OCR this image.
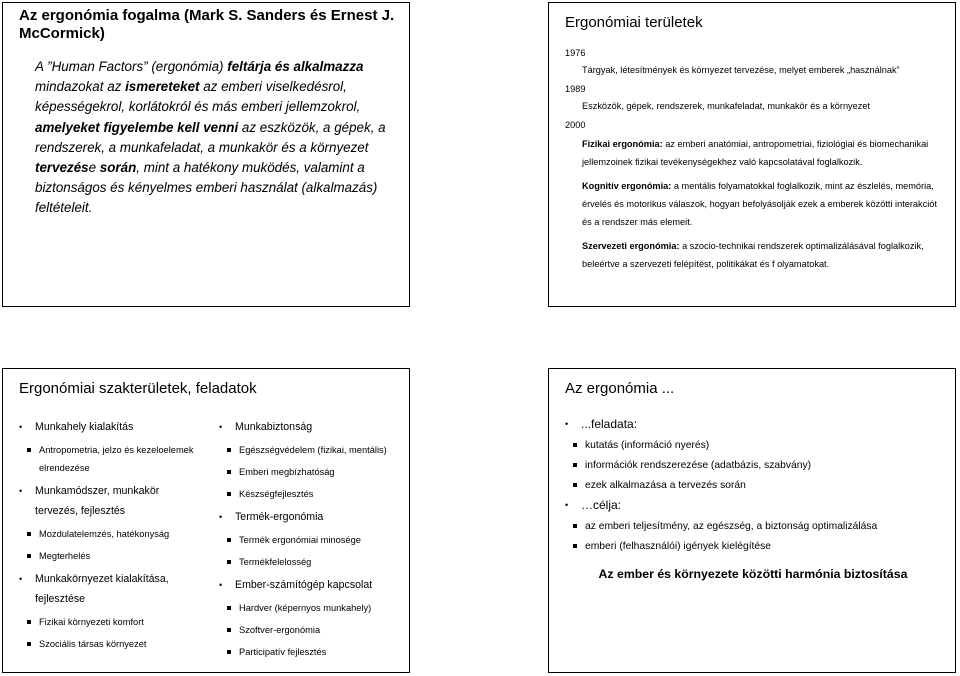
Az ergonómia fogalma (Mark S. Sanders és Ernest J. McCormick)
A ”Human Factors” (ergonómia) feltárja és alkalmazza mindazokat az ismereteket az emberi viselkedésrol, képességekrol, korlátokról és más emberi jellemzokrol, amelyeket figyelembe kell venni az eszközök, a gépek, a rendszerek, a munkafeladat, a munkakör és a környezet tervezése során, mint a hatékony muködés, valamint a biztonságos és kényelmes emberi használat (alkalmazás) feltételeit.
Ergonómiai területek
1976
Tárgyak, létesítmények és környezet tervezése, melyet emberek „használnak”
1989
Eszközök, gépek, rendszerek, munkafeladat, munkakör és a környezet
2000
Fizikai ergonómia: az emberi anatómiai, antropometriai, fiziológiai és biomechanikai jellemzoinek fizikai tevékenységekhez való kapcsolatával foglalkozik.
Kognitív ergonómia: a mentális folyamatokkal foglalkozik, mint az észlelés, memória, érvelés és motorikus válaszok, hogyan befolyásolják ezek a emberek közötti interakciót és a rendszer más elemeit.
Szervezeti ergonómia: a szocio-technikai rendszerek optimalizálásával foglalkozik, beleértve a szervezeti felépítést, politikákat és f olyamatokat.
Ergonómiai szakterületek, feladatok
• Munkahely kialakítás
Antropometria, jelzo és kezeloelemek elrendezése
• Munkamódszer, munkakör tervezés, fejlesztés
Mozdulatelemzés, hatékonyság
Megterhelés
• Munkakörnyezet kialakítása, fejlesztése
Fizikai környezeti komfort
Szociális társas környezet
• Munkabiztonság
Egészségvédelem (fizikai, mentális)
Emberi megbízhatóság
Készségfejlesztés
• Termék-ergonómia
Termék ergonómiai minosége
Termékfelelosség
• Ember-számítógép kapcsolat
Hardver (képernyos munkahely)
Szoftver-ergonómia
Participatív fejlesztés
Az ergonómia ...
• ...feladata:
kutatás (információ nyerés)
információk rendszerezése (adatbázis, szabvány)
ezek alkalmazása a tervezés során
• …célja:
az emberi teljesítmény, az egészség, a biztonság optimalizálása
emberi (felhasználói) igények kielégítése
Az ember és környezete közötti harmónia biztosítása
